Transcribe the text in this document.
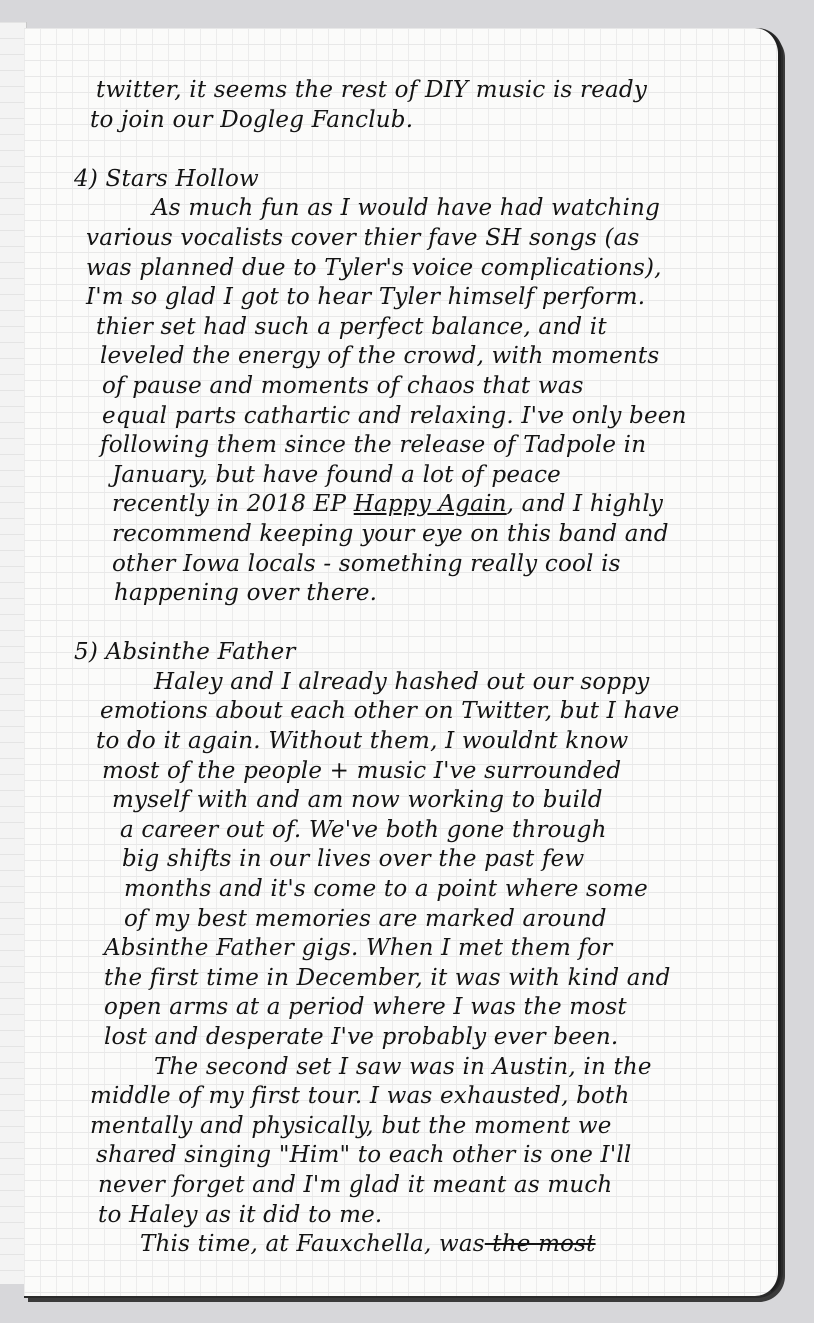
twitter, it seems the rest of DIY music is ready
to join our Dogleg Fanclub.
4) Stars Hollow
As much fun as I would have had watching
various vocalists cover thier fave SH songs (as
was planned due to Tyler's voice complications),
I'm so glad I got to hear Tyler himself perform.
thier set had such a perfect balance, and it
leveled the energy of the crowd, with moments
of pause and moments of chaos that was
equal parts cathartic and relaxing. I've only been
following them since the release of Tadpole in
January, but have found a lot of peace
recently in 2018 EP Happy Again, and I highly
recommend keeping your eye on this band and
other Iowa locals - something really cool is
happening over there.
5) Absinthe Father
Haley and I already hashed out our soppy
emotions about each other on Twitter, but I have
to do it again. Without them, I wouldnt know
most of the people + music I've surrounded
myself with and am now working to build
a career out of. We've both gone through
big shifts in our lives over the past few
months and it's come to a point where some
of my best memories are marked around
Absinthe Father gigs. When I met them for
the first time in December, it was with kind and
open arms at a period where I was the most
lost and desperate I've probably ever been.
The second set I saw was in Austin, in the
middle of my first tour. I was exhausted, both
mentally and physically, but the moment we
shared singing "Him" to each other is one I'll
never forget and I'm glad it meant as much
to Haley as it did to me.
This time, at Fauxchella, was the most
